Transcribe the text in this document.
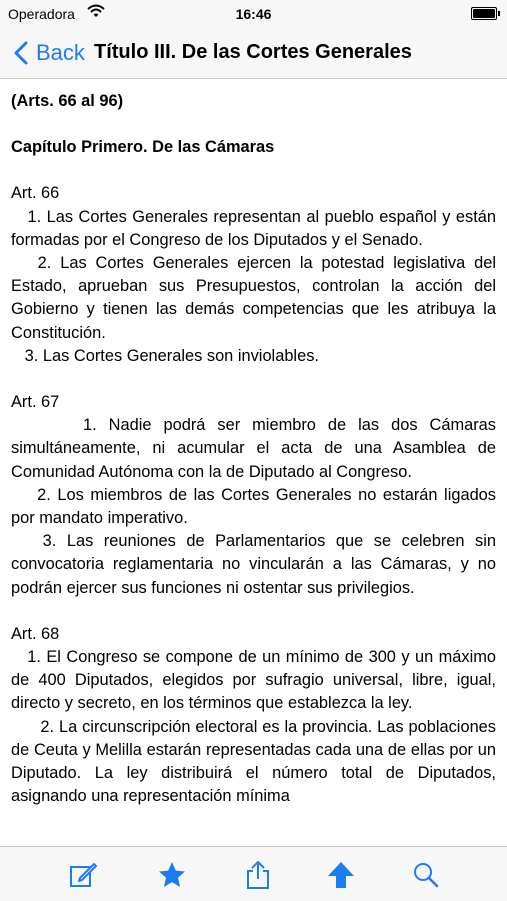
Operadora	16:46
Back Título III. De las Cortes Generales
(Arts. 66 al 96)
Capítulo Primero. De las Cámaras

Art. 66

1. Las Cortes Generales representan al pueblo español y están formadas por el Congreso de los Diputados y el Senado.

2. Las Cortes Generales ejercen la potestad legislativa del Estado, aprueban sus Presupuestos, controlan la acción del Gobierno y tienen las demás competencias que les atribuya la Constitución.

3. Las Cortes Generales son inviolables.

Art. 67

1. Nadie podrá ser miembro de las dos Cámaras simultáneamente, ni acumular el acta de una Asamblea de Comunidad Autónoma con la de Diputado al Congreso.

2. Los miembros de las Cortes Generales no estarán ligados por mandato imperativo.

3. Las reuniones de Parlamentarios que se celebren sin convocatoria reglamentaria no vincularán a las Cámaras, y no podrán ejercer sus funciones ni ostentar sus privilegios.

Art. 68

1. El Congreso se compone de un mínimo de 300 y un máximo de 400 Diputados, elegidos por sufragio universal, libre, igual, directo y secreto, en los términos que establezca la ley.

2. La circunscripción electoral es la provincia. Las poblaciones de Ceuta y Melilla estarán representadas cada una de ellas por un Diputado. La ley distribuirá el número total de Diputados, asignando una representación mínima
